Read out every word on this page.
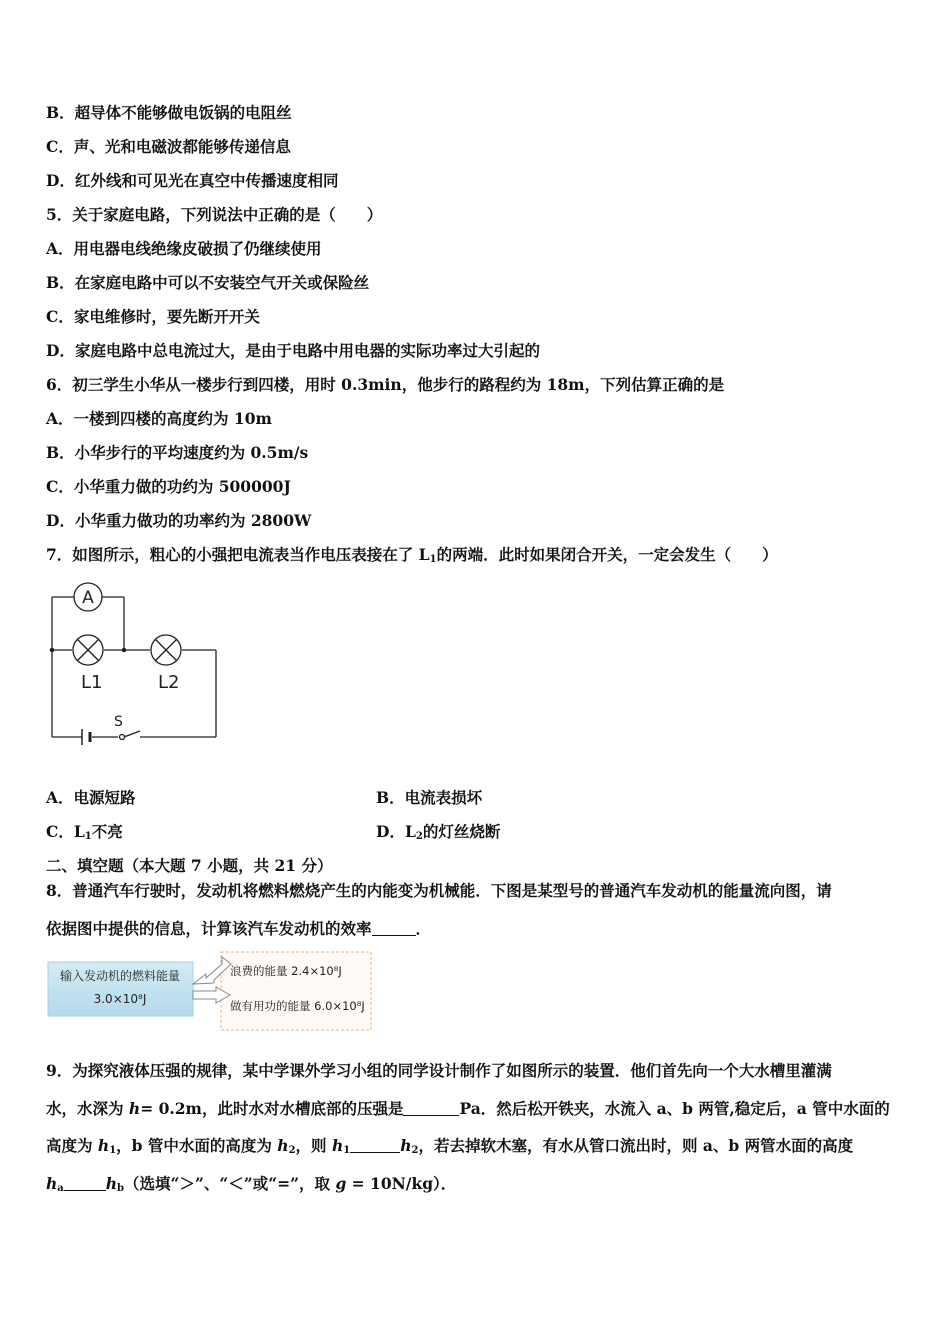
B．超导体不能够做电饭锅的电阻丝
C．声、光和电磁波都能够传递信息
D．红外线和可见光在真空中传播速度相同
5．关于家庭电路，下列说法中正确的是（　　）
A．用电器电线绝缘皮破损了仍继续使用
B．在家庭电路中可以不安装空气开关或保险丝
C．家电维修时，要先断开开关
D．家庭电路中总电流过大，是由于电路中用电器的实际功率过大引起的
6．初三学生小华从一楼步行到四楼，用时 0.3min，他步行的路程约为 18m，下列估算正确的是
A．一楼到四楼的高度约为 10m
B．小华步行的平均速度约为 0.5m/s
C．小华重力做的功约为 500000J
D．小华重力做功的功率约为 2800W
7．如图所示，粗心的小强把电流表当作电压表接在了 $L_1$的两端．此时如果闭合开关，一定会发生（　　）
A
L1	L2
S
A．电源短路	B．电流表损坏
C．$L_1$不亮	D．$L_2$的灯丝烧断
二、填空题（本大题 7 小题，共 21 分）
8．普通汽车行驶时，发动机将燃料燃烧产生的内能变为机械能．下图是某型号的普通汽车发动机的能量流向图，请
依据图中提供的信息，计算该汽车发动机的效率	．
输入发动机的燃料能量
3.0×10⁸J
浪费的能量 2.4×10⁸J
做有用功的能量 6.0×10⁸J
9．为探究液体压强的规律，某中学课外学习小组的同学设计制作了如图所示的装置．他们首先向一个大水槽里灌满
水，水深为 h= 0.2m，此时水对水槽底部的压强是	Pa．然后松开铁夹，水流入 a、b 两管,稳定后，a 管中水面的
高度为 $h_1$，b 管中水面的高度为 $h_2$，则 $h_1$	$h_2$，若去掉软木塞，有水从管口流出时，则 a、b 两管水面的高度
$h_a$	$h_b$（选填“＞”、“＜”或“=”，取 g = 10N/kg）．
